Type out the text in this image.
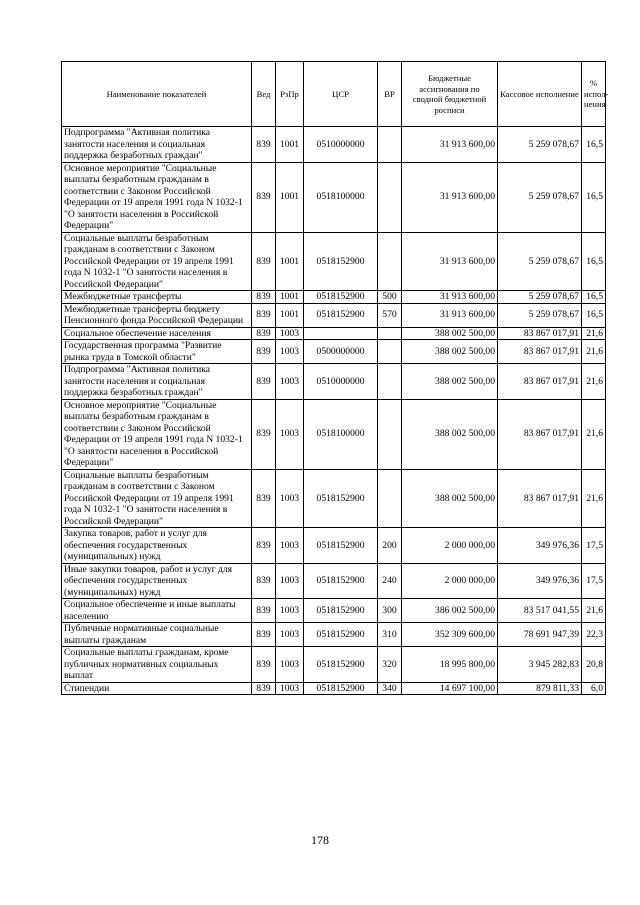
Наименование показателей	Вед	РзПр	ЦСР	ВР	Бюджетные ассигнования по сводной бюджетной росписи	Кассовое исполнение	% испол-нения
Подпрограмма "Активная политика занятости населения и социальная поддержка безработных граждан"	839	1001	0510000000		31 913 600,00	5 259 078,67	16,5
Основное мероприятие "Социальные выплаты безработным гражданам в соответствии с Законом Российской Федерации от 19 апреля 1991 года N 1032-1 "О занятости населения в Российской Федерации"	839	1001	0518100000		31 913 600,00	5 259 078,67	16,5
Социальные выплаты безработным гражданам в соответствии с Законом Российской Федерации от 19 апреля 1991 года N 1032-1 "О занятости населения в Российской Федерации"	839	1001	0518152900		31 913 600,00	5 259 078,67	16,5
Межбюджетные трансферты	839	1001	0518152900	500	31 913 600,00	5 259 078,67	16,5
Межбюджетные трансферты бюджету Пенсионного фонда Российской Федерации	839	1001	0518152900	570	31 913 600,00	5 259 078,67	16,5
Социальное обеспечение населения	839	1003			388 002 500,00	83 867 017,91	21,6
Государственная программа "Развитие рынка труда в Томской области"	839	1003	0500000000		388 002 500,00	83 867 017,91	21,6
Подпрограмма "Активная политика занятости населения и социальная поддержка безработных граждан"	839	1003	0510000000		388 002 500,00	83 867 017,91	21,6
Основное мероприятие "Социальные выплаты безработным гражданам в соответствии с Законом Российской Федерации от 19 апреля 1991 года N 1032-1 "О занятости населения в Российской Федерации"	839	1003	0518100000		388 002 500,00	83 867 017,91	21,6
Социальные выплаты безработным гражданам в соответствии с Законом Российской Федерации от 19 апреля 1991 года N 1032-1 "О занятости населения в Российской Федерации"	839	1003	0518152900		388 002 500,00	83 867 017,91	21,6
Закупка товаров, работ и услуг для обеспечения государственных (муниципальных) нужд	839	1003	0518152900	200	2 000 000,00	349 976,36	17,5
Иные закупки товаров, работ и услуг для обеспечения государственных (муниципальных) нужд	839	1003	0518152900	240	2 000 000,00	349 976,36	17,5
Социальное обеспечение и иные выплаты населению	839	1003	0518152900	300	386 002 500,00	83 517 041,55	21,6
Публичные нормативные социальные выплаты гражданам	839	1003	0518152900	310	352 309 600,00	78 691 947,39	22,3
Социальные выплаты гражданам, кроме публичных нормативных социальных выплат	839	1003	0518152900	320	18 995 800,00	3 945 282,83	20,8
Стипендии	839	1003	0518152900	340	14 697 100,00	879 811,33	6,0
178
